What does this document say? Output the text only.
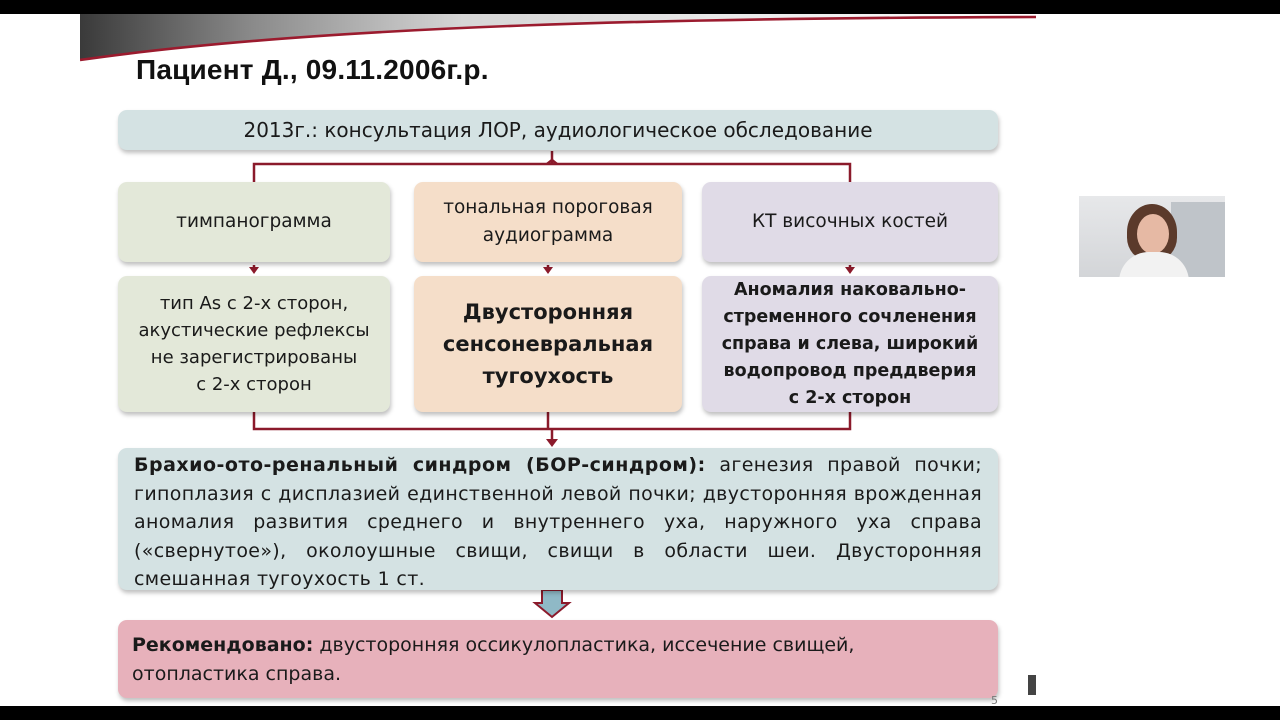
Пациент Д., 09.11.2006г.р.
2013г.: консультация ЛОР, аудиологическое обследование
тимпанограмма
тональная пороговая
аудиограмма
КТ височных костей
тип As с 2-х сторон,
акустические рефлексы
не зарегистрированы
с 2-х сторон
Двусторонняя
сенсоневральная
тугоухость
Аномалия наковально-
стременного сочленения
справа и слева, широкий
водопровод преддверия
с 2-х сторон
Брахио-ото-ренальный синдром (БОР-синдром): агенезия правой почки; гипоплазия с дисплазией единственной левой почки; двусторонняя врожденная аномалия развития среднего и внутреннего уха, наружного уха справа («свернутое»), околоушные свищи, свищи в области шеи. Двусторонняя смешанная тугоухость 1 ст.
Рекомендовано: двусторонняя оссикулопластика, иссечение свищей, отопластика справа.
5
